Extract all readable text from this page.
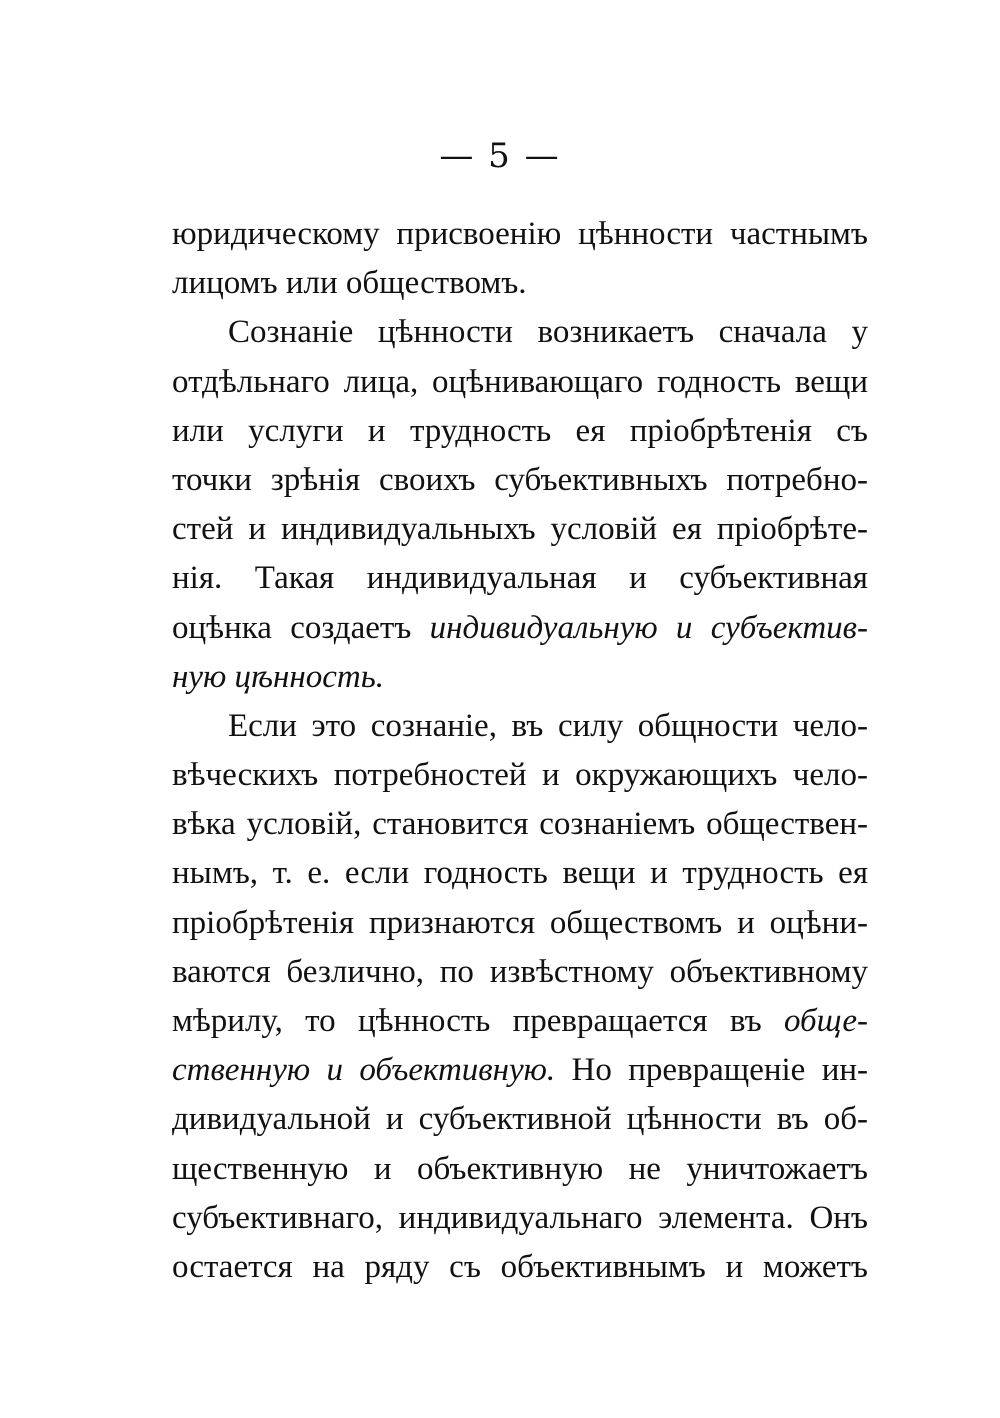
— 5 —
юридическому присвоенію цѣнности частнымъ
лицомъ или обществомъ.
Сознаніе цѣнности возникаетъ сначала у
отдѣльнаго лица, оцѣнивающаго годность вещи
или услуги и трудность ея пріобрѣтенія съ
точки зрѣнія своихъ субъективныхъ потребно-
стей и индивидуальныхъ условій ея пріобрѣте-
нія. Такая индивидуальная и субъективная
оцѣнка создаетъ индивидуальную и субъектив-
ную цѣнность.
Если это сознаніе, въ силу общности чело-
вѣческихъ потребностей и окружающихъ чело-
вѣка условій, становится сознаніемъ обществен-
нымъ, т. е. если годность вещи и трудность ея
пріобрѣтенія признаются обществомъ и оцѣни-
ваются безлично, по извѣстному объективному
мѣрилу, то цѣнность превращается въ обще-
ственную и объективную. Но превращеніе ин-
дивидуальной и субъективной цѣнности въ об-
щественную и объективную не уничтожаетъ
субъективнаго, индивидуальнаго элемента. Онъ
остается на ряду съ объективнымъ и можетъ
